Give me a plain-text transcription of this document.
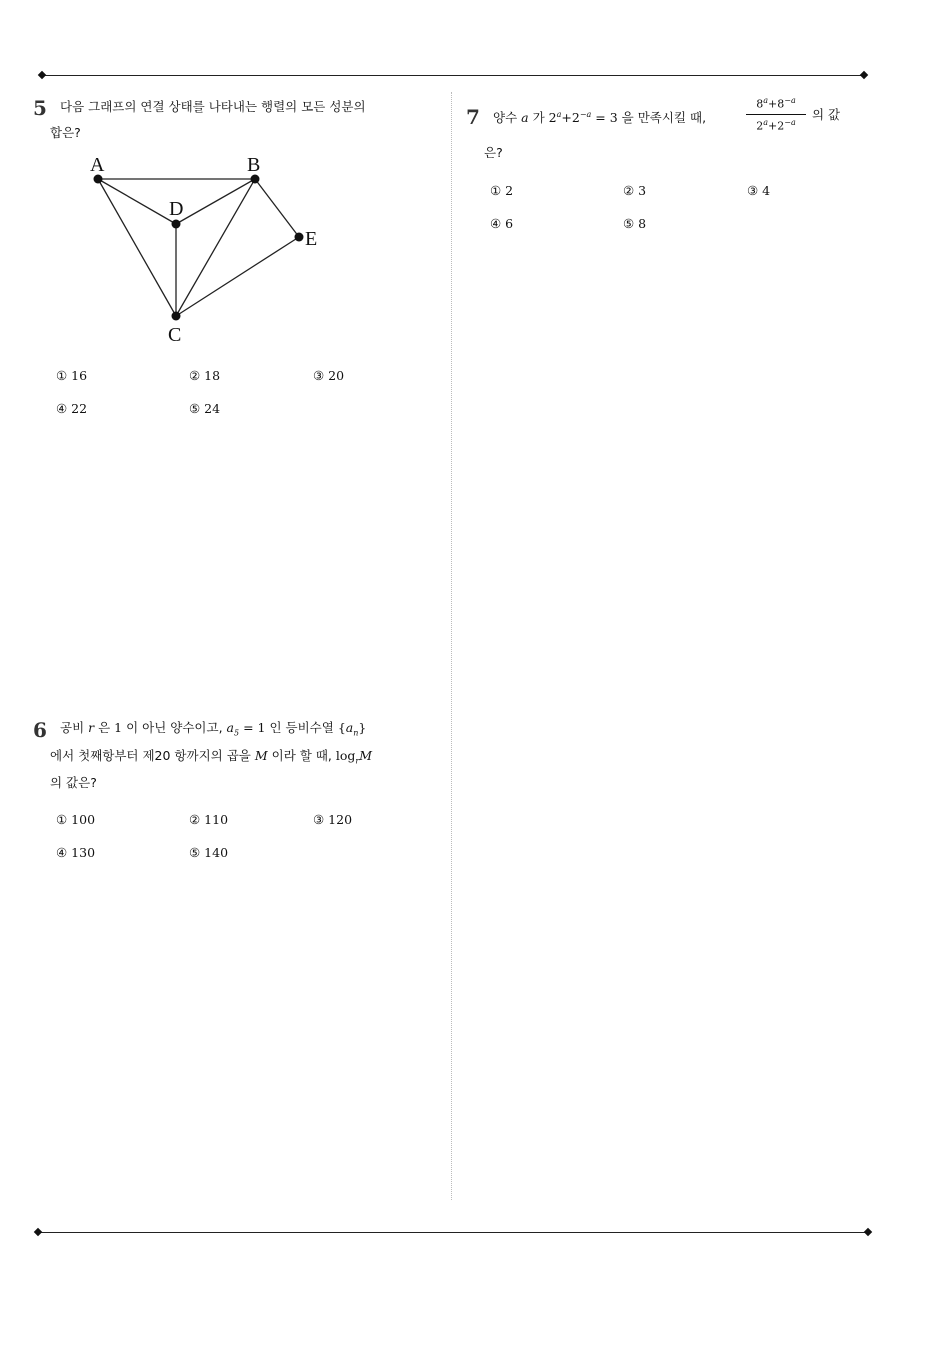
5 다음 그래프의 연결 상태를 나타내는 행렬의 모든 성분의
합은?
A	B
D
E
C
① 16	② 18	③ 20
④ 22	⑤ 24
6 공비 r 은 1 이 아닌 양수이고, $a_5 = 1$ 인 등비수열 $\{a_n\}$
에서 첫째항부터 제20 항까지의 곱을 M 이라 할 때, $\log_rM$
의 값은?
① 100	② 110	③ 120
④ 130	⑤ 140
7 양수 a 가 $2^a+2^{-a} = 3$ 을 만족시킬 때,	$\frac{8^a+8^{-a}}{2^a+2^{-a}}$ 의 값
은?
① 2	② 3	③ 4
④ 6	⑤ 8
